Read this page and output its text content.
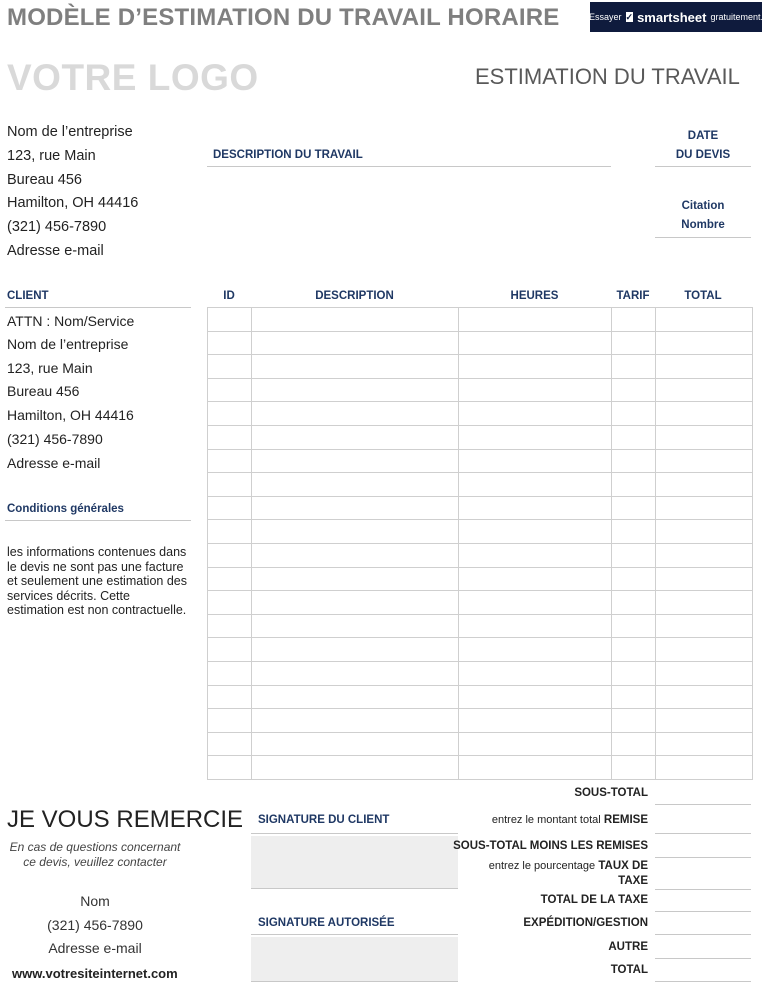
MODÈLE D’ESTIMATION DU TRAVAIL HORAIRE	Essayer ✓ smartsheet gratuitement.
VOTRE LOGO	ESTIMATION DU TRAVAIL
Nom de l’entreprise
123, rue Main
Bureau 456
Hamilton, OH 44416
(321) 456-7890
Adresse e-mail
DESCRIPTION DU TRAVAIL
DATE
DU DEVIS
Citation
Nombre
CLIENT
ATTN : Nom/Service
Nom de l’entreprise
123, rue Main
Bureau 456
Hamilton, OH 44416
(321) 456-7890
Adresse e-mail
Conditions générales
les informations contenues dans le devis ne sont pas une facture et seulement une estimation des services décrits. Cette estimation est non contractuelle.
ID	DESCRIPTION	HEURES	TARIF	TOTAL
JE VOUS REMERCIE
En cas de questions concernant ce devis, veuillez contacter
Nom
(321) 456-7890
Adresse e-mail
www.votresiteinternet.com
SIGNATURE DU CLIENT
SIGNATURE AUTORISÉE
SOUS-TOTAL
entrez le montant total REMISE
SOUS-TOTAL MOINS LES REMISES
entrez le pourcentage TAUX DE
TAXE
TOTAL DE LA TAXE
EXPÉDITION/GESTION
AUTRE
TOTAL
